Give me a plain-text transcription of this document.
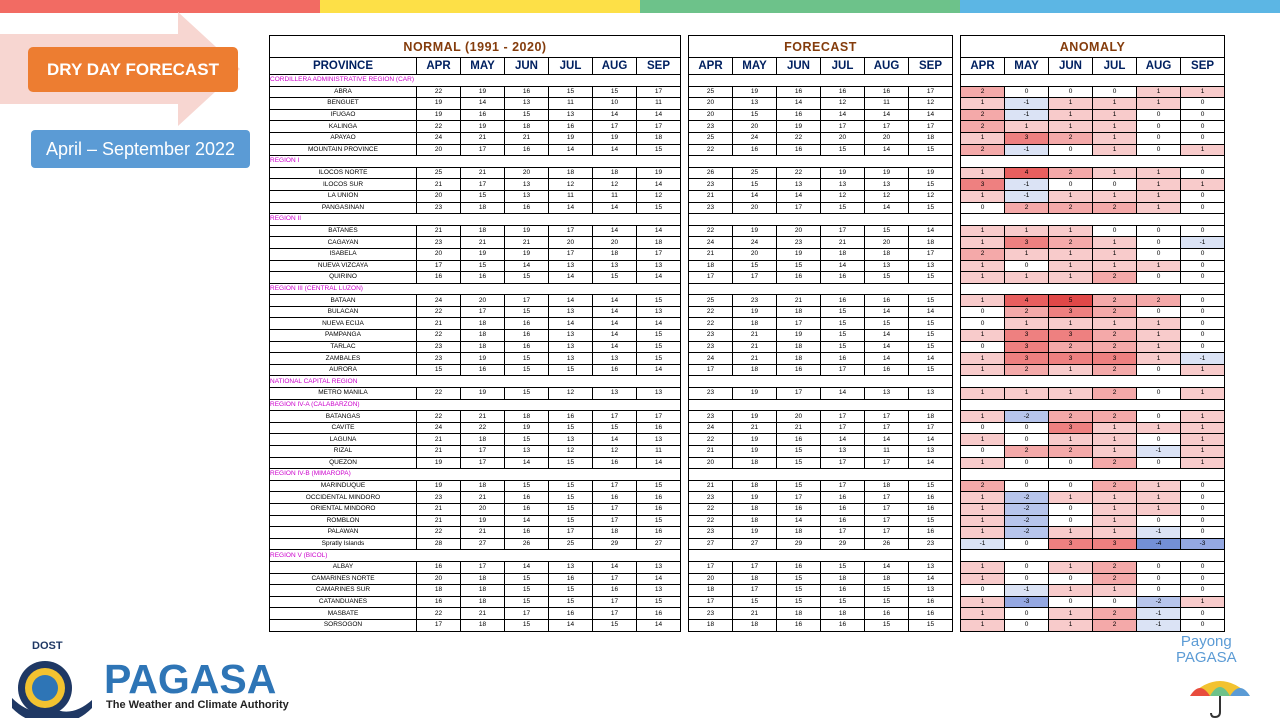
DRY DAY FORECAST
April – September 2022
NORMAL (1991 - 2020)						
PROVINCE	APR	MAY	JUN	JUL	AUG	SEP
CORDILLERA ADMINISTRATIVE REGION (CAR)						
ABRA	22	19	16	15	15	17
BENGUET	19	14	13	11	10	11
IFUGAO	19	16	15	13	14	14
KALINGA	22	19	18	16	17	17
APAYAO	24	21	21	19	19	18
MOUNTAIN PROVINCE	20	17	16	14	14	15
REGION I						
ILOCOS NORTE	25	21	20	18	18	19
ILOCOS SUR	21	17	13	12	12	14
LA UNION	20	15	13	11	11	12
PANGASINAN	23	18	16	14	14	15
REGION II						
BATANES	21	18	19	17	14	14
CAGAYAN	23	21	21	20	20	18
ISABELA	20	19	19	17	18	17
NUEVA VIZCAYA	17	15	14	13	13	13
QUIRINO	16	16	15	14	15	14
REGION III (CENTRAL LUZON)						
BATAAN	24	20	17	14	14	15
BULACAN	22	17	15	13	14	13
NUEVA ECIJA	21	18	16	14	14	14
PAMPANGA	22	18	16	13	14	15
TARLAC	23	18	16	13	14	15
ZAMBALES	23	19	15	13	13	15
AURORA	15	16	15	15	16	14
NATIONAL CAPITAL REGION						
METRO MANILA	22	19	15	12	13	13
REGION IV-A (CALABARZON)						
BATANGAS	22	21	18	16	17	17
CAVITE	24	22	19	15	15	16
LAGUNA	21	18	15	13	14	13
RIZAL	21	17	13	12	12	11
QUEZON	19	17	14	15	16	14
REGION IV-B (MIMAROPA)						
MARINDUQUE	19	18	15	15	17	15
OCCIDENTAL MINDORO	23	21	16	15	16	16
ORIENTAL MINDORO	21	20	16	15	17	16
ROMBLON	21	19	14	15	17	15
PALAWAN	22	21	16	17	18	16
Spratly Islands	28	27	26	25	29	27
REGION V (BICOL)						
ALBAY	16	17	14	13	14	13
CAMARINES NORTE	20	18	15	16	17	14
CAMARINES SUR	18	18	15	15	16	13
CATANDUANES	16	18	15	15	17	15
MASBATE	22	21	17	16	17	16
SORSOGON	17	18	15	14	15	14
FORECAST					
APR	MAY	JUN	JUL	AUG	SEP

25	19	16	16	16	17
20	13	14	12	11	12
20	15	16	14	14	14
23	20	19	17	17	17
25	24	22	20	20	18
22	16	16	15	14	15

26	25	22	19	19	19
23	15	13	13	13	15
21	14	14	12	12	12
23	20	17	15	14	15

22	19	20	17	15	14
24	24	23	21	20	18
21	20	19	18	18	17
18	15	15	14	13	13
17	17	16	16	15	15

25	23	21	16	16	15
22	19	18	15	14	14
22	18	17	15	15	15
23	21	19	15	14	15
23	21	18	15	14	15
24	21	18	16	14	14
17	18	16	17	16	15

23	19	17	14	13	13

23	19	20	17	17	18
24	21	21	17	17	17
22	19	16	14	14	14
21	19	15	13	11	13
20	18	15	17	17	14

21	18	15	17	18	15
23	19	17	16	17	16
22	18	16	16	17	16
22	18	14	16	17	15
23	19	18	17	17	16
27	27	29	29	26	23

17	17	16	15	14	13
20	18	15	18	18	14
18	17	15	16	15	13
17	15	15	15	15	16
23	21	18	18	16	16
18	18	16	16	15	15
ANOMALY					
APR	MAY	JUN	JUL	AUG	SEP

2	0	0	0	1	1
1	-1	1	1	1	0
2	-1	1	1	0	0
2	1	1	1	0	0
1	3	2	1	0	0
2	-1	0	1	0	1

1	4	2	1	1	0
3	-1	0	0	1	1
1	-1	1	1	1	0
0	2	2	2	1	0

1	1	1	0	0	0
1	3	2	1	0	-1
2	1	1	1	0	0
1	0	1	1	1	0
1	1	1	2	0	0

1	4	5	2	2	0
0	2	3	2	0	0
0	1	1	1	1	0
1	3	3	2	1	0
0	3	2	2	1	0
1	3	3	3	1	-1
1	2	1	2	0	1

1	1	1	2	0	1

1	-2	2	2	0	1
0	0	3	1	1	1
1	0	1	1	0	1
0	2	2	1	-1	1
1	0	0	2	0	1

2	0	0	2	1	0
1	-2	1	1	1	0
1	-2	0	1	1	0
1	-2	0	1	0	0
1	-2	1	1	-1	0
-1	0	3	3	-4	-3

1	0	1	2	0	0
1	0	0	2	0	0
0	-1	1	1	0	0
1	-3	0	0	-2	1
1	0	1	2	-1	0
1	0	1	2	-1	0
DOST
PAGASA
The Weather and Climate Authority
Payong
PAGASA
